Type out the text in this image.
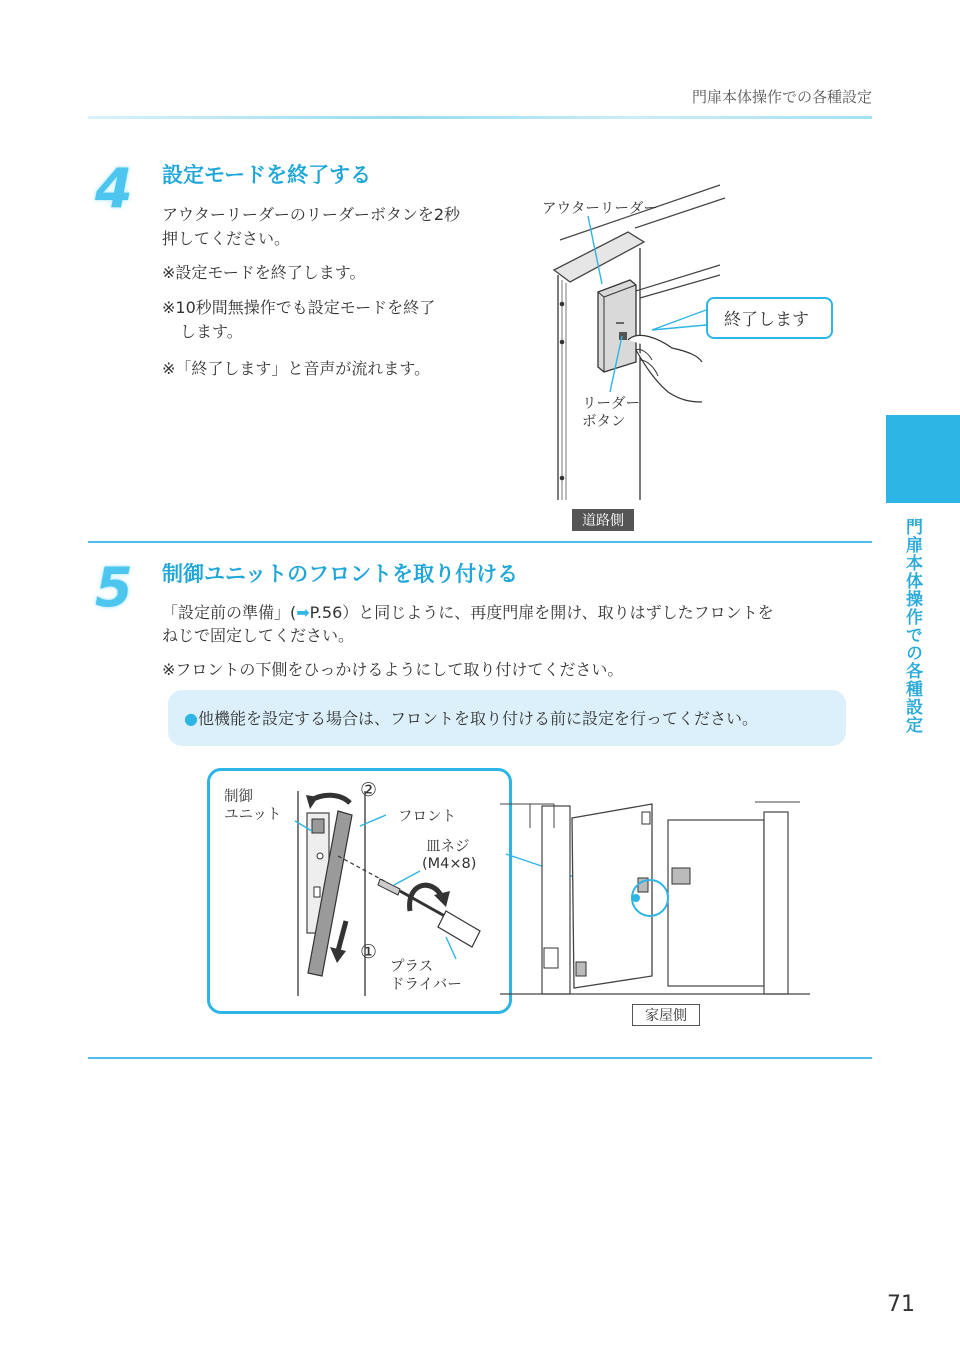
門扉本体操作での各種設定
門扉本体操作での各種設定
4 設定モードを終了する
アウターリーダーのリーダーボタンを2秒
押してください。
※設定モードを終了します。
※10秒間無操作でも設定モードを終了
します。
※「終了します」と音声が流れます。
アウターリーダー
終了します
リーダー
ボタン
道路側
5 制御ユニットのフロントを取り付ける
「設定前の準備」(➡P.56）と同じように、再度門扉を開け、取りはずしたフロントを
ねじで固定してください。
※フロントの下側をひっかけるようにして取り付けてください。
●他機能を設定する場合は、フロントを取り付ける前に設定を行ってください。
制御
ユニット
②
フロント
皿ネジ
(M4×8)
①
プラス
ドライバー
家屋側
71
